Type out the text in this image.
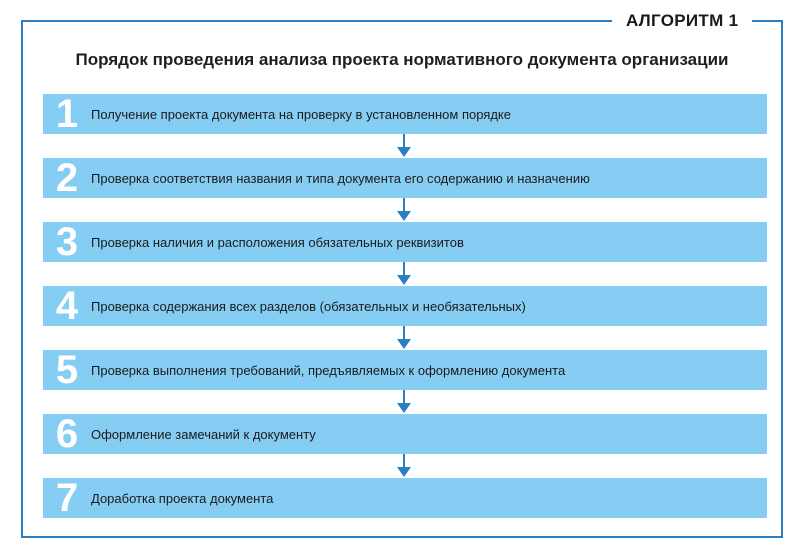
АЛГОРИТМ 1
Порядок проведения анализа проекта нормативного документа организации
1 Получение проекта документа на проверку в установленном порядке
2 Проверка соответствия названия и типа документа его содержанию и назначению
3 Проверка наличия и расположения обязательных реквизитов
4 Проверка содержания всех разделов (обязательных и необязательных)
5 Проверка выполнения требований, предъявляемых к оформлению документа
6 Оформление замечаний к документу
7 Доработка проекта документа
